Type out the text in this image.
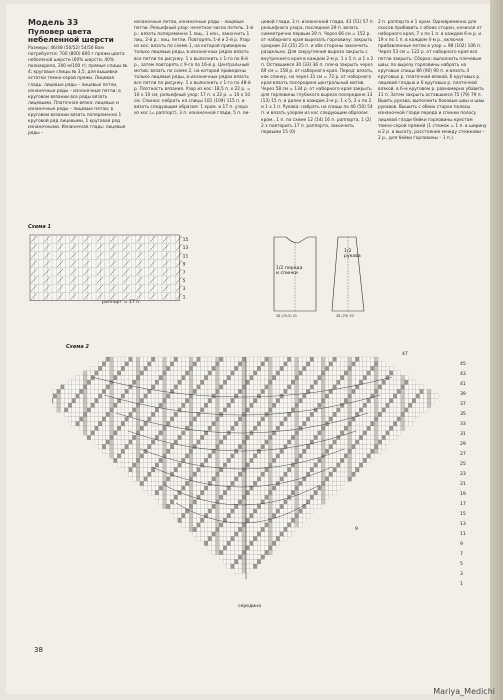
Модель 33
Пуловер цвета небеленной шерсти
Размеры: 46/48 (50/52) 54/56 Вам потребуется: 700 (800) 800 г пряжи цвета небеленой шерсти (60% шерсти, 40% полиакрила, 200 м/100 г); прямые спицы № 4; круговые спицы № 3,5; для вышивки остатки темно-серой пряжи. Лицевая гладь: лицевые ряды – лицевые петли, изнаночные ряды – изнаночные петли; в круговом вязании все ряды вязать лицевыми. Платочная вязка: лицевые и изнаночные ряды – лицевые петли; в круговом вязании вязать попеременно 1 круговой ряд лицевыми, 1 круговой ряд изнаночными. Изнаночная гладь: лицевые ряды –
изнаночные петли, изнаночные ряды – лицевые петли. Рельефный узор: нечетное число петель. 1-й р.: вязать попеременно 1 лиц., 1 изн., закончить 1 лиц. 2-й р.: лиц. петли. Повторять 1-й и 2-й р. Узор из кос: вязать по схеме 1, на которой приведены только лицевые ряды, в изнаночных рядах вязать все петли по рисунку. 1 х выполнить с 1-го по 8-й р., затем повторять с 9-го по 16-й р. Центральный мотив: вязать по схеме 2, на которой приведены только лицевые ряды, в изнаночных рядах вязать все петли по рисунку. 1 х выполнить с 1-го по 48-й р. Плотность вязания. Узор из кос: 18,5 п. х 22 р. = 10 х 10 см; рельефный узор: 17 п. х 22 р. = 10 х 10 см. Спинка: набрать на спицы 101 (109) 115 п. и вязать следующим образом: 1 кром. и 17 п. узора из кос (= раппорт), 3 п. изнаночной глади, 5 п. ли-
цевой глади, 3 п. изнаночной глади, 43 (51) 57 п. рельефного узора, последние 29 п. вязать симметрично первым 29 п. Через 66 см = 152 р. от наборного края вырезать горловину: закрыть средние 23 (25) 25 п. и обе стороны закончить раздельно. Для закругления выреза закрыть с внутреннего края в каждом 2-м р. 1 х 5 п. и 1 х 2 п. Оставшиеся 30 (33) 36 п. плеча закрыть через 69 см = 158 р. от наборного края. Перед: вязать, как спинку, но через 31 см = 72 р. от наборного края вязать посередине центральный мотив. Через 58 см = 134 р. от наборного края закрыть для горловины глубокого выреза посередине 13 (13) 15 п. и далее в каждом 2-м р. 1 х 5, 2 х по 2 и 1 х 1 п. Рукава: набрать на спицы по 46 (50) 54 п. и вязать узором из кос следующим образом: кром., 1 п. по схеме 12 (14) 16 п. раппорта, 1 (2) 2 х повторить 17 п. раппорта, закончить первыми 15 (0)
2 п. раппорта и 1 кром. Одновременно для скосов прибавить с обеих сторон, начиная от наборного края, 7 х по 1 п. в каждом 6-м р. и 19 х по 1 п. в каждом 4-м р., включая прибавленные петли в узор = 98 (102) 106 п. Через 53 см = 122 р. от наборного края все петли закрыть. Сборка: выполнить плечевые швы; по вырезу горловины набрать на круговые спицы 86 (90) 90 п. и вязать 4 круговых р. платочной вязкой, 6 круговых р. лицевой гладью и 6 круговых р. платочной вязкой, в 6-м круговом р. равномерно убавить 11 п. Затем закрыть оставшиеся 75 (79) 79 п. Вшить рукава, выполнить боковые швы и швы рукавов. Вышить с обеих сторон полосы изнаночной глади переда и спинки полосу лицевой глади бейки горловины крестом темно-серой пряжей (1 стежок = 1 п. в ширину и 2 р. в высоту, расстояние между стежками – 2 р., для бейки горловины – 1 п.).
Схема 1
15
13
11
9
7
5
3
1
раппорт = 17 п.
28 (29,5) 31	28 (29) 30
1/2 переда и спинки
1/2 рукава
Схема 2
45
43
41
39
37
35
33
31
29
27
25
23
21
19
17
15
13
11
9
7
5
3
1
47
9
середина
38
Mariya_Medichi
